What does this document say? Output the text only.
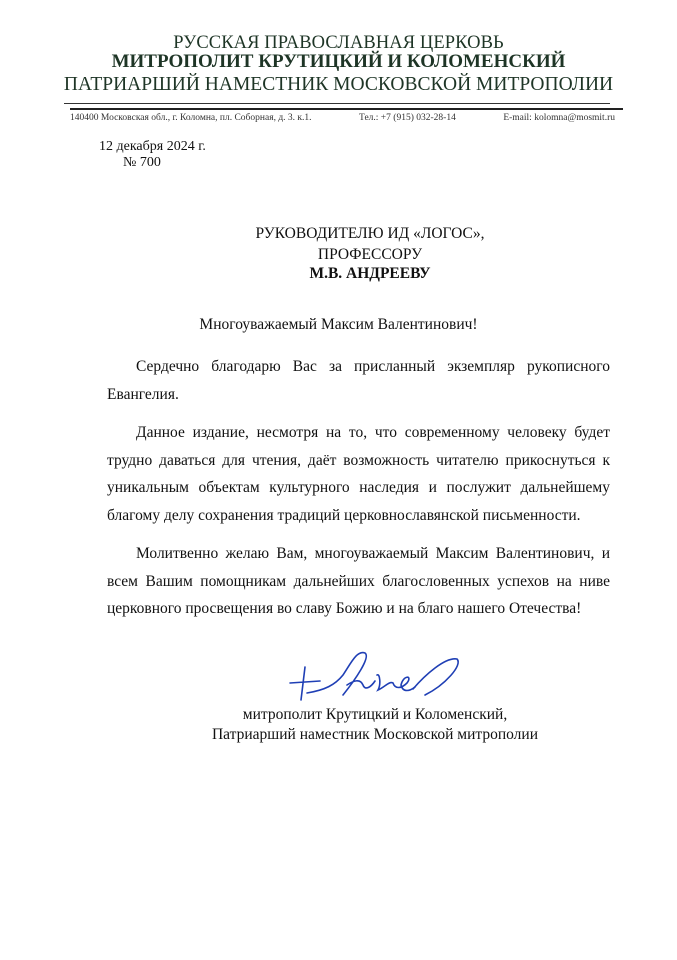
РУССКАЯ ПРАВОСЛАВНАЯ ЦЕРКОВЬ
МИТРОПОЛИТ КРУТИЦКИЙ И КОЛОМЕНСКИЙ
ПАТРИАРШИЙ НАМЕСТНИК МОСКОВСКОЙ МИТРОПОЛИИ
140400 Московская обл., г. Коломна, пл. Соборная, д. 3. к.1.	Тел.: +7 (915) 032-28-14	E-mail: kolomna@mosmit.ru
12 декабря 2024 г.
№ 700
РУКОВОДИТЕЛЮ ИД «ЛОГОС»,
ПРОФЕССОРУ
М.В. АНДРЕЕВУ
Многоуважаемый Максим Валентинович!
Сердечно благодарю Вас за присланный экземпляр рукописного Евангелия.
Данное издание, несмотря на то, что современному человеку будет трудно даваться для чтения, даёт возможность читателю прикоснуться к уникальным объектам культурного наследия и послужит дальнейшему благому делу сохранения традиций церковнославянской письменности.
Молитвенно желаю Вам, многоуважаемый Максим Валентинович, и всем Вашим помощникам дальнейших благословенных успехов на ниве церковного просвещения во славу Божию и на благо нашего Отечества!
митрополит Крутицкий и Коломенский,
Патриарший наместник Московской митрополии
